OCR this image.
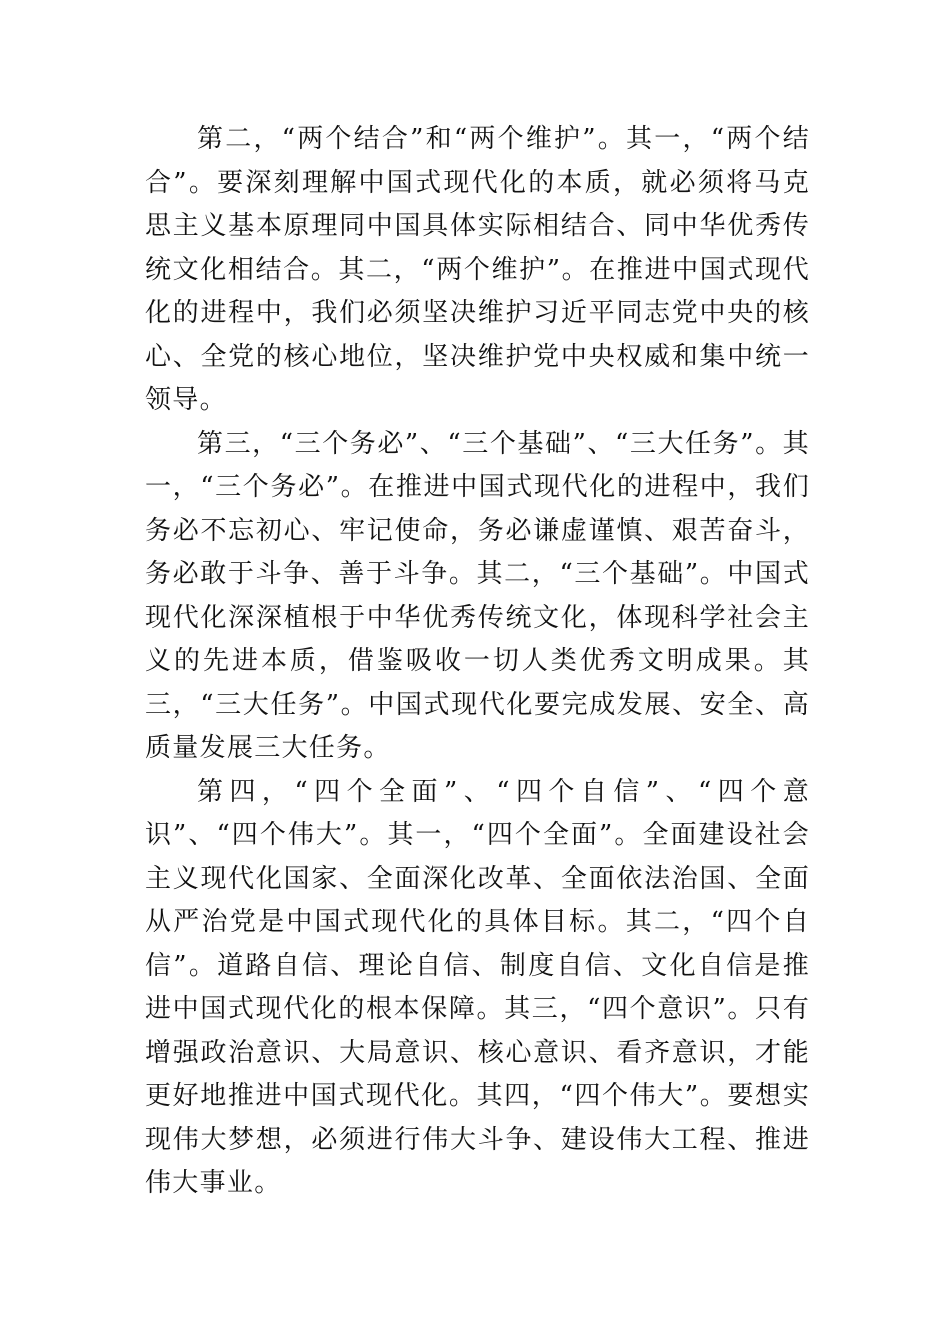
第二，“两个结合”和“两个维护”。其一，“两个结合”。要深刻理解中国式现代化的本质，就必须将马克思主义基本原理同中国具体实际相结合、同中华优秀传统文化相结合。其二，“两个维护”。在推进中国式现代化的进程中，我们必须坚决维护习近平同志党中央的核心、全党的核心地位，坚决维护党中央权威和集中统一领导。

第三，“三个务必”、“三个基础”、“三大任务”。其一，“三个务必”。在推进中国式现代化的进程中，我们务必不忘初心、牢记使命，务必谦虚谨慎、艰苦奋斗，务必敢于斗争、善于斗争。其二，“三个基础”。中国式现代化深深植根于中华优秀传统文化，体现科学社会主义的先进本质，借鉴吸收一切人类优秀文明成果。其三，“三大任务”。中国式现代化要完成发展、安全、高质量发展三大任务。

第四，“四个全面”、“四个自信”、“四个意识”、“四个伟大”。其一，“四个全面”。全面建设社会主义现代化国家、全面深化改革、全面依法治国、全面从严治党是中国式现代化的具体目标。其二，“四个自信”。道路自信、理论自信、制度自信、文化自信是推进中国式现代化的根本保障。其三，“四个意识”。只有增强政治意识、大局意识、核心意识、看齐意识，才能更好地推进中国式现代化。其四，“四个伟大”。要想实现伟大梦想，必须进行伟大斗争、建设伟大工程、推进伟大事业。
